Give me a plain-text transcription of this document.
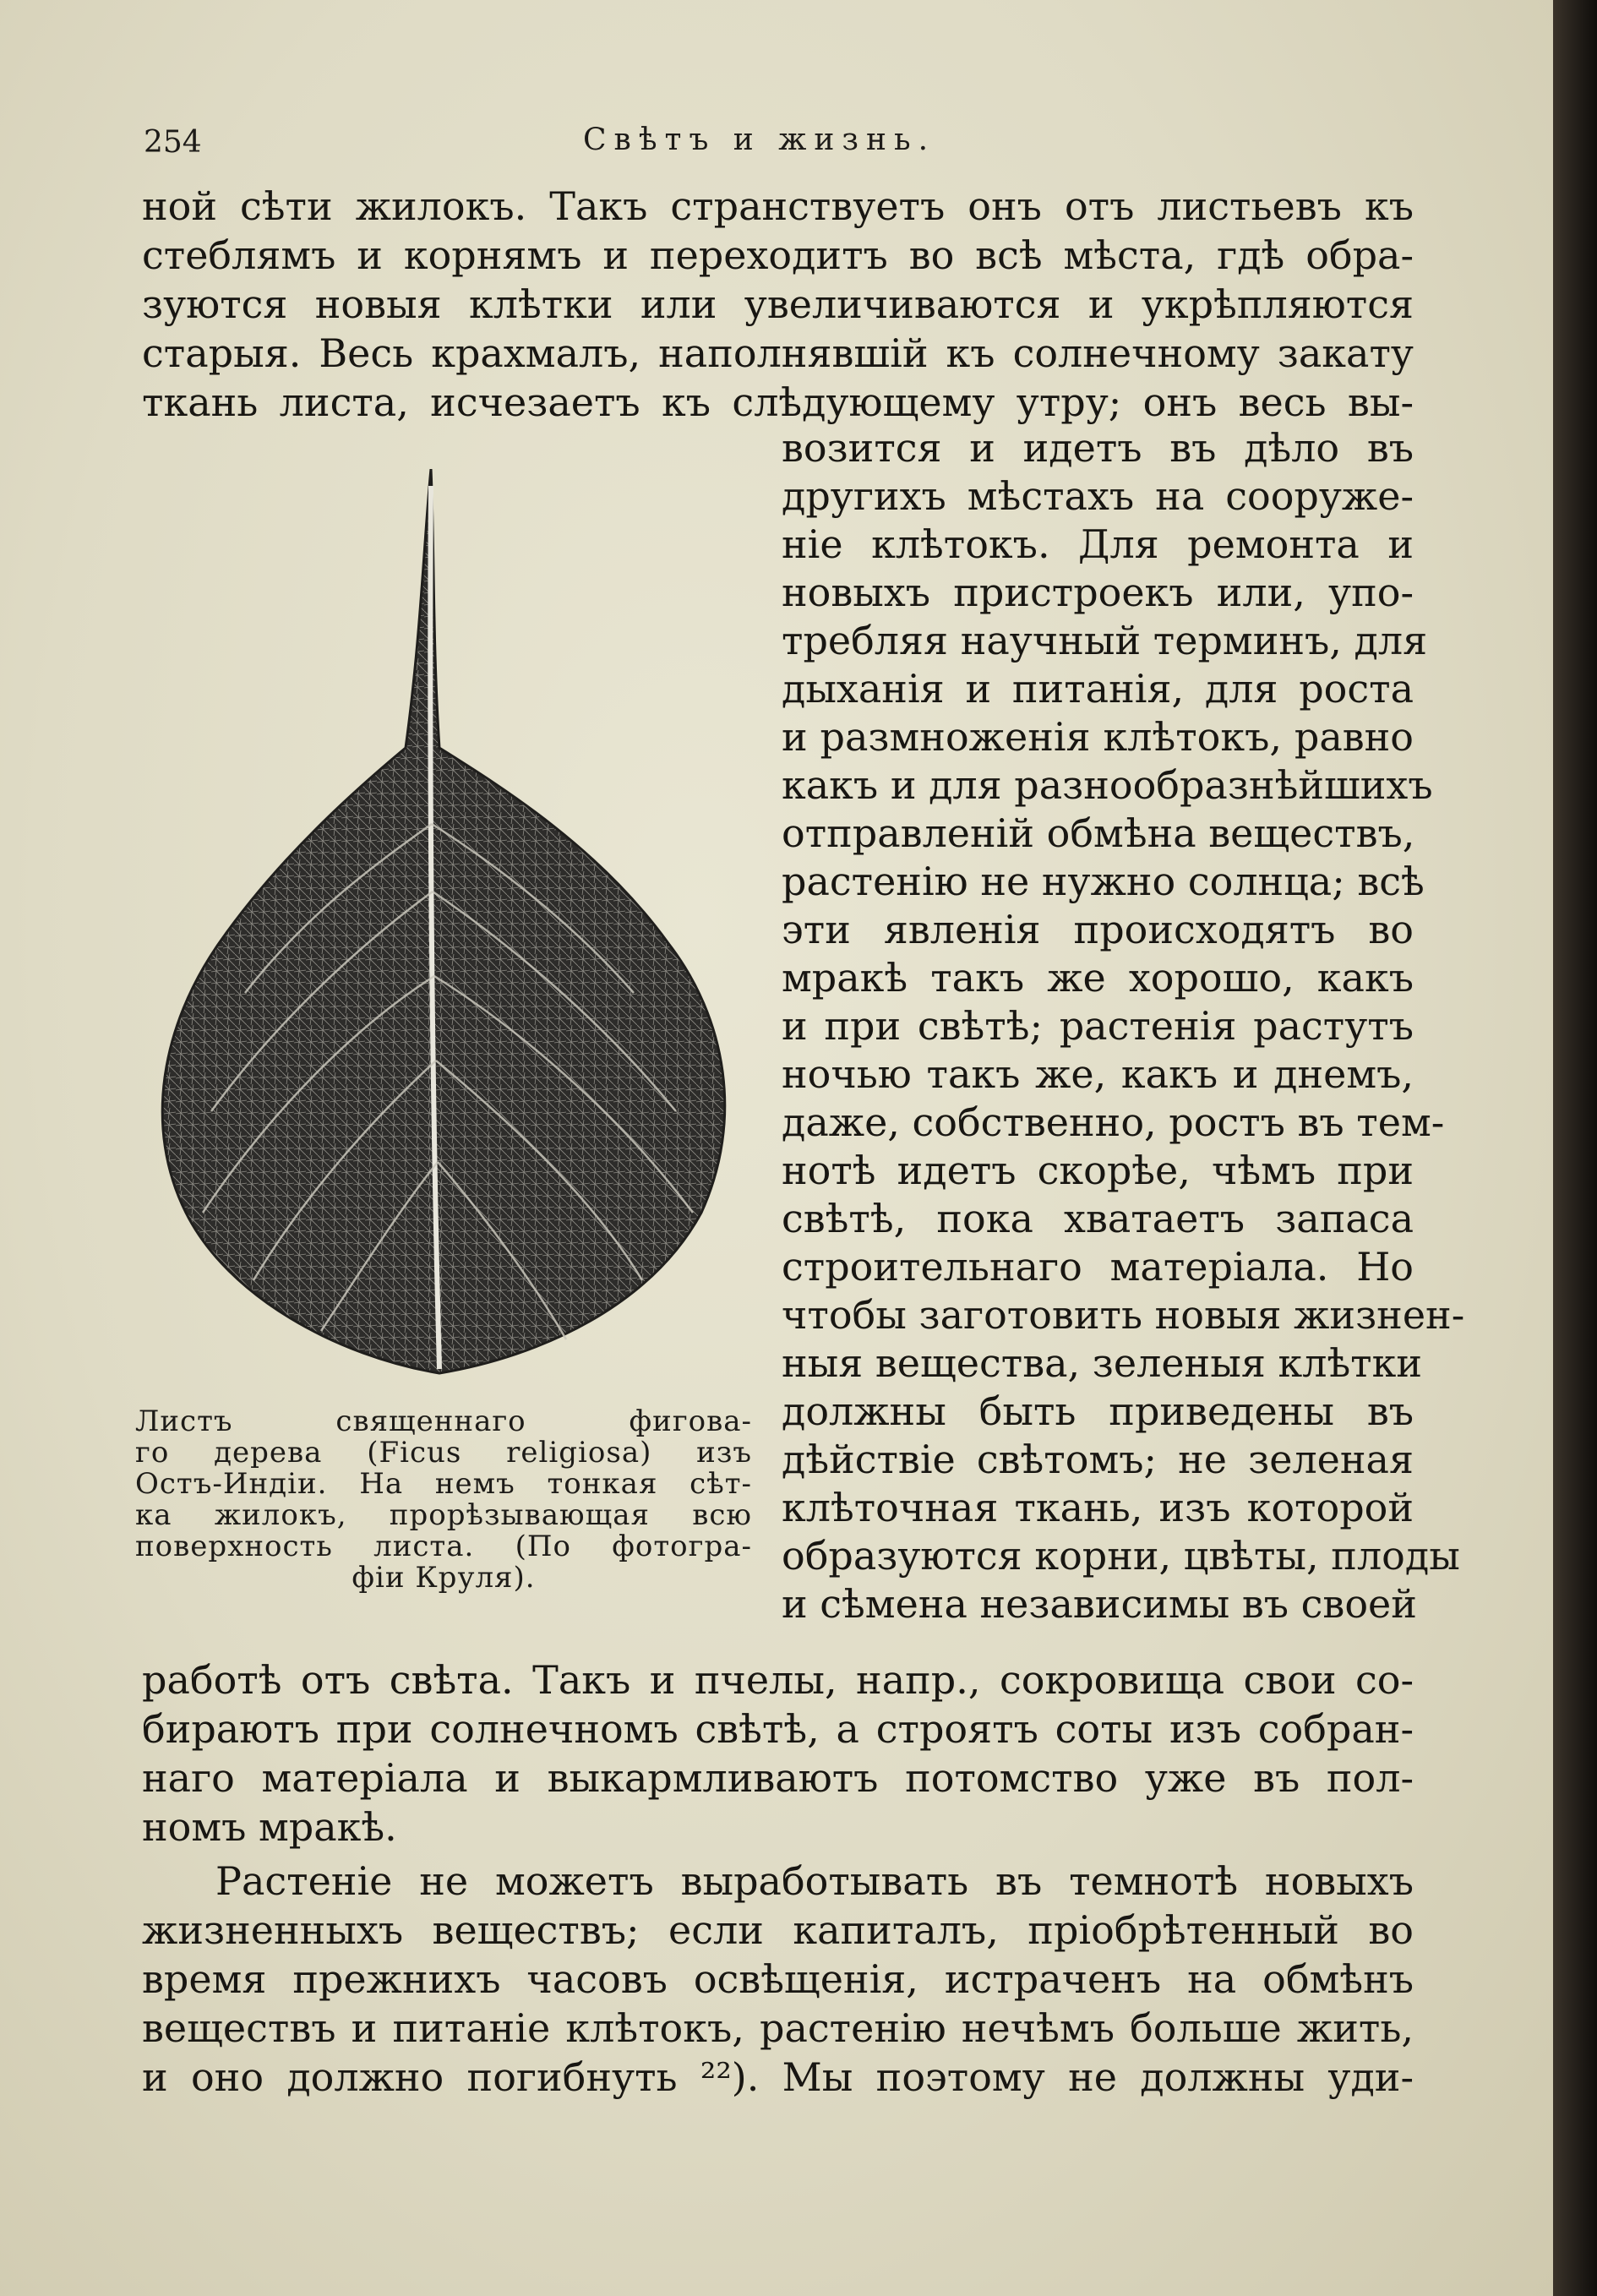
254	Свѣтъ и жизнь.
ной сѣти жилокъ. Такъ странствуетъ онъ отъ листьевъ къ
стеблямъ и корнямъ и переходитъ во всѣ мѣста, гдѣ обра-
зуются новыя клѣтки или увеличиваются и укрѣпляются
старыя. Весь крахмалъ, наполнявшій къ солнечному закату
ткань листа, исчезаетъ къ слѣдующему утру; онъ весь вы-
возится и идетъ въ дѣло въ
другихъ мѣстахъ на сооруже-
ніе клѣтокъ. Для ремонта и
новыхъ пристроекъ или, упо-
требляя научный терминъ, для
дыханія и питанія, для роста
и размноженія клѣтокъ, равно
какъ и для разнообразнѣйшихъ
отправленій обмѣна веществъ,
растенію не нужно солнца; всѣ
эти явленія происходятъ во
мракѣ такъ же хорошо, какъ
и при свѣтѣ; растенія растутъ
ночью такъ же, какъ и днемъ,
даже, собственно, ростъ въ тем-
нотѣ идетъ скорѣе, чѣмъ при
свѣтѣ, пока хватаетъ запаса
строительнаго матеріала. Но
чтобы заготовить новыя жизнен-
ныя вещества, зеленыя клѣтки
должны быть приведены въ
дѣйствіе свѣтомъ; не зеленая
клѣточная ткань, изъ которой
образуются корни, цвѣты, плоды
и сѣмена независимы въ своей
Листъ священнаго фигова-
го дерева (Ficus religiosa) изъ
Остъ-Индіи. На немъ тонкая сѣт-
ка жилокъ, прорѣзывающая всю
поверхность листа. (По фотогра-
фіи Круля).
работѣ отъ свѣта. Такъ и пчелы, напр., сокровища свои со-
бираютъ при солнечномъ свѣтѣ, а строятъ соты изъ собран-
наго матеріала и выкармливаютъ потомство уже въ пол-
номъ мракѣ.
Растеніе не можетъ выработывать въ темнотѣ новыхъ
жизненныхъ веществъ; если капиталъ, пріобрѣтенный во
время прежнихъ часовъ освѣщенія, истраченъ на обмѣнъ
веществъ и питаніе клѣтокъ, растенію нечѣмъ больше жить,
и оно должно погибнуть ²²). Мы поэтому не должны уди-
